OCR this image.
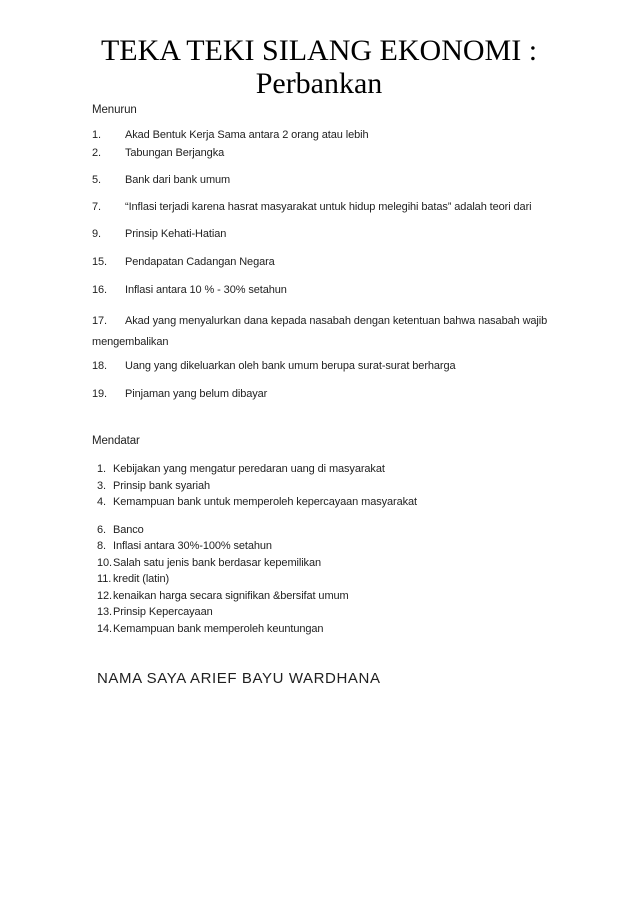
TEKA TEKI SILANG EKONOMI :
Perbankan
Menurun
1.	Akad Bentuk Kerja Sama antara 2 orang atau lebih
2.	Tabungan Berjangka
5.	Bank dari bank umum
7.	“Inflasi terjadi karena hasrat masyarakat untuk hidup melegihi batas” adalah teori dari
9.	Prinsip Kehati-Hatian
15.	Pendapatan Cadangan Negara
16.	Inflasi antara 10 % - 30% setahun
17. Akad yang menyalurkan dana kepada nasabah dengan ketentuan bahwa nasabah wajib mengembalikan
18.	Uang yang dikeluarkan oleh bank umum berupa surat-surat berharga
19.	Pinjaman yang belum dibayar
Mendatar
1. Kebijakan yang mengatur peredaran uang di masyarakat
3. Prinsip bank syariah
4. Kemampuan bank untuk memperoleh kepercayaan masyarakat
6. Banco
8. Inflasi antara 30%-100% setahun
10. Salah satu jenis bank berdasar kepemilikan
11. kredit (latin)
12. kenaikan harga secara signifikan &bersifat umum
13. Prinsip Kepercayaan
14. Kemampuan bank memperoleh keuntungan
NAMA SAYA ARIEF BAYU WARDHANA
